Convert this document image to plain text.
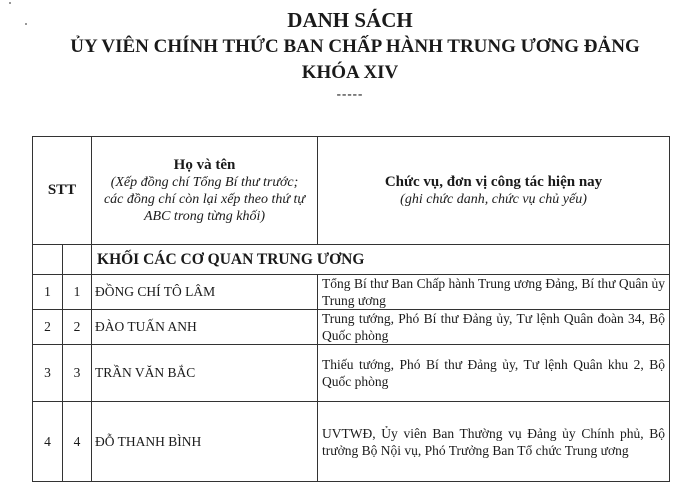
DANH SÁCH
ỦY VIÊN CHÍNH THỨC BAN CHẤP HÀNH TRUNG ƯƠNG ĐẢNG
KHÓA XIV
-----
STT		Họ và tên
(Xếp đồng chí Tổng Bí thư trước;
các đồng chí còn lại xếp theo thứ tự
ABC trong từng khối)	Chức vụ, đơn vị công tác hiện nay
(ghi chức danh, chức vụ chủ yếu)

		KHỐI CÁC CƠ QUAN TRUNG ƯƠNG	
1	1	ĐỒNG CHÍ TÔ LÂM	Tổng Bí thư Ban Chấp hành Trung ương Đảng, Bí thư Quân ủy Trung ương
2	2	ĐÀO TUẤN ANH	Trung tướng, Phó Bí thư Đảng ủy, Tư lệnh Quân đoàn 34, Bộ Quốc phòng
3	3	TRẦN VĂN BẮC	Thiếu tướng, Phó Bí thư Đảng ủy, Tư lệnh Quân khu 2, Bộ Quốc phòng
4	4	ĐỖ THANH BÌNH	UVTWĐ, Ủy viên Ban Thường vụ Đảng ủy Chính phủ, Bộ trưởng Bộ Nội vụ, Phó Trưởng Ban Tổ chức Trung ương
